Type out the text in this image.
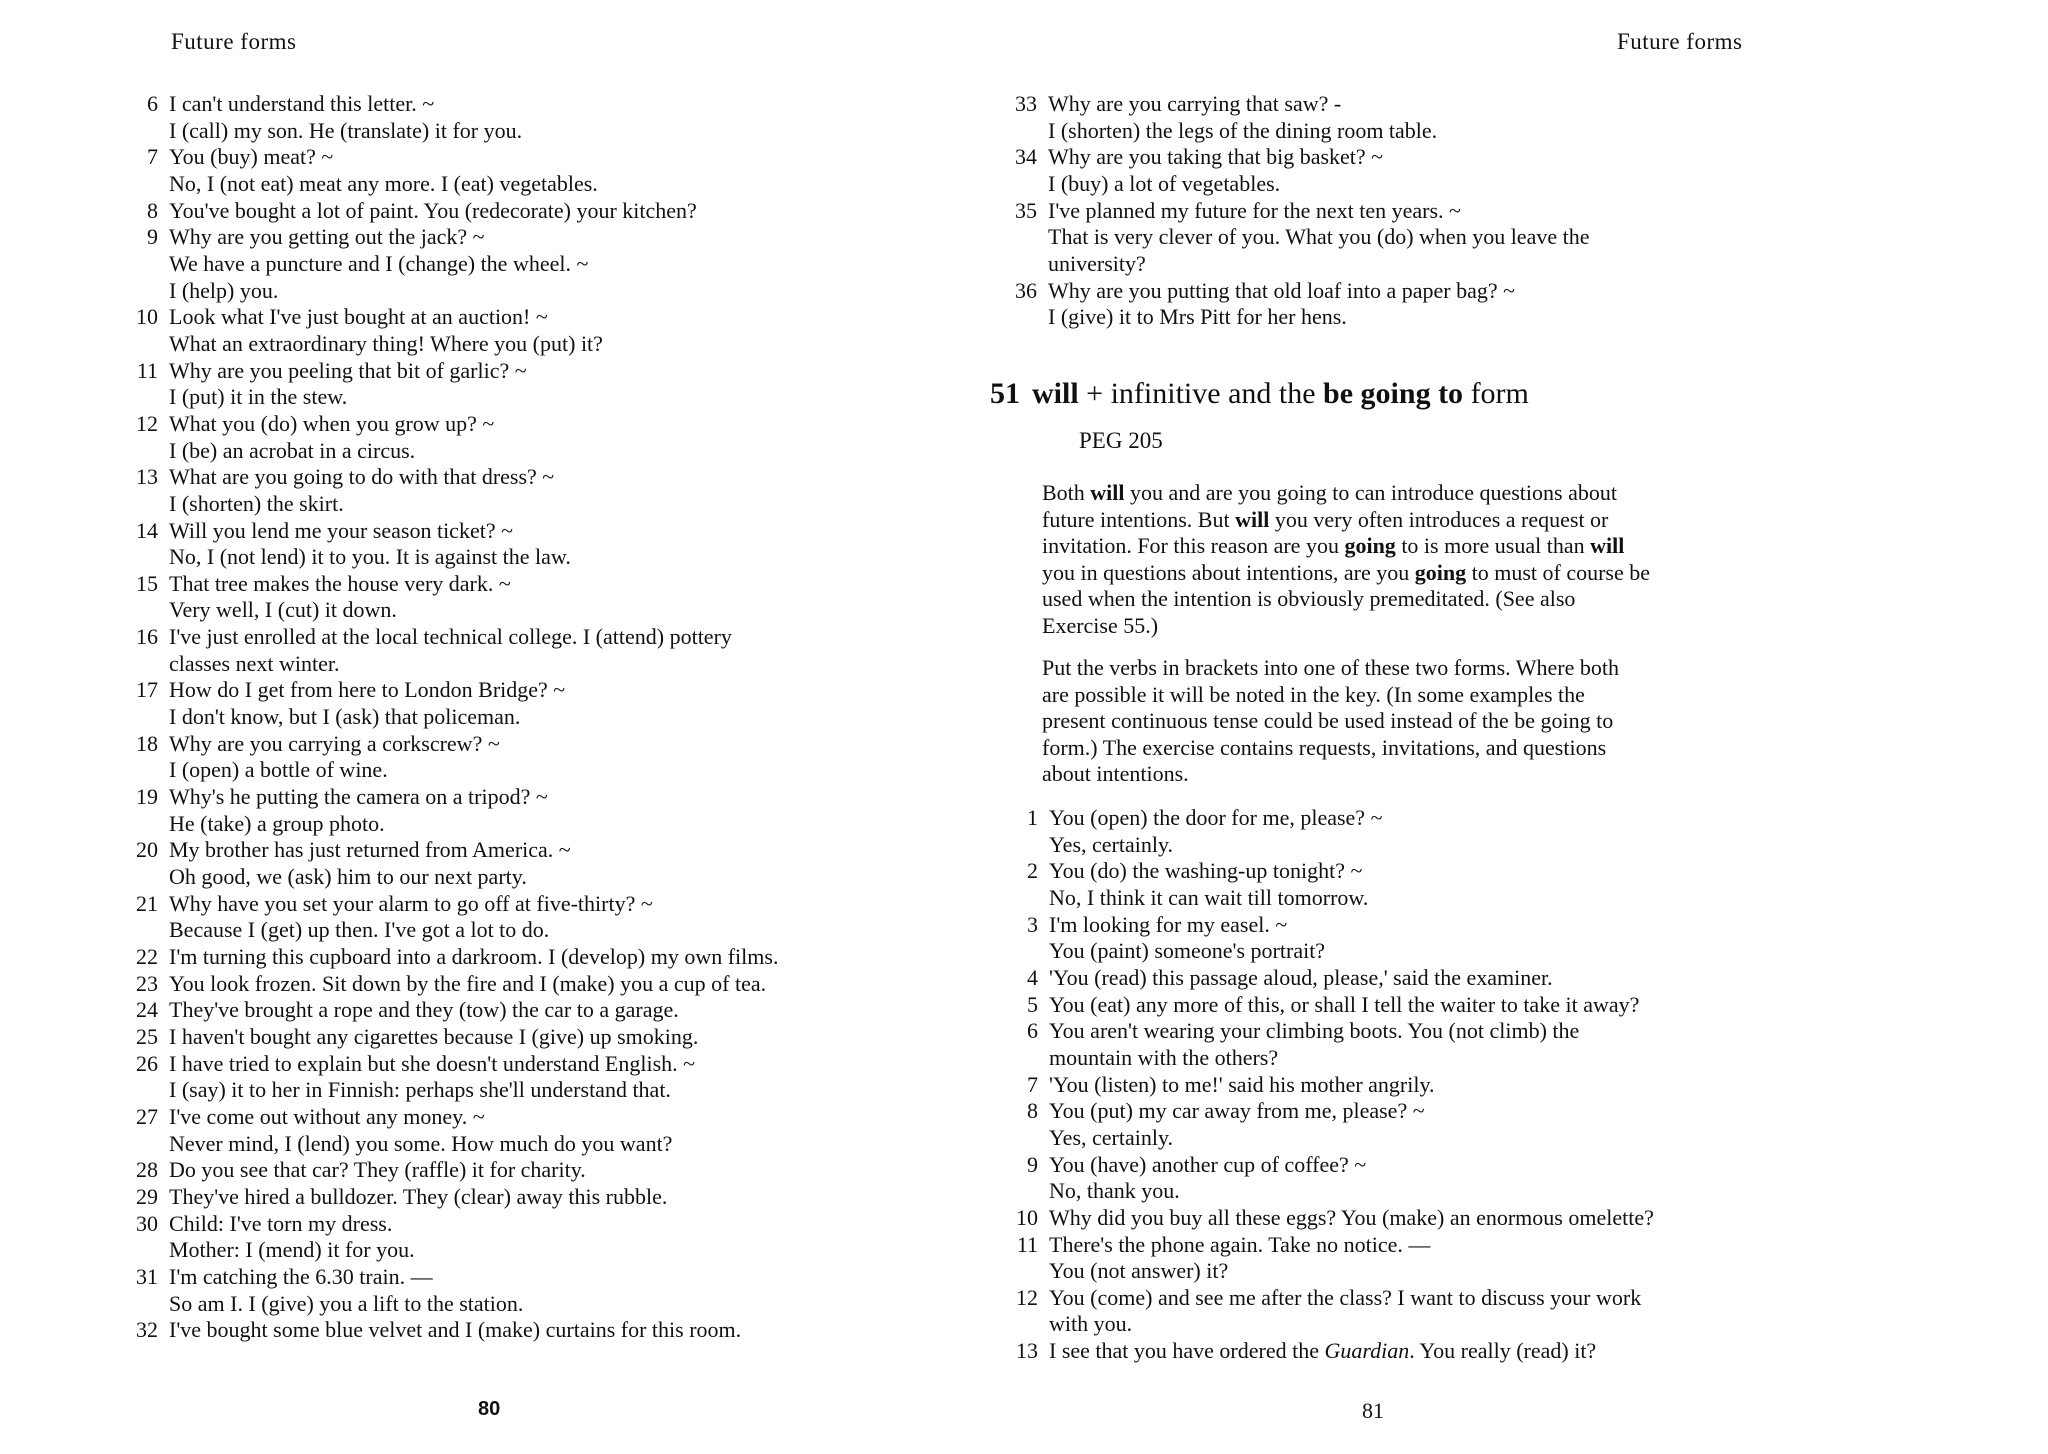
Future forms
6 I can't understand this letter. ~
I (call) my son. He (translate) it for you.
7 You (buy) meat? ~
No, I (not eat) meat any more. I (eat) vegetables.
8 You've bought a lot of paint. You (redecorate) your kitchen?
9 Why are you getting out the jack? ~
We have a puncture and I (change) the wheel. ~
I (help) you.
10 Look what I've just bought at an auction! ~
What an extraordinary thing! Where you (put) it?
11 Why are you peeling that bit of garlic? ~
I (put) it in the stew.
12 What you (do) when you grow up? ~
I (be) an acrobat in a circus.
13 What are you going to do with that dress? ~
I (shorten) the skirt.
14 Will you lend me your season ticket? ~
No, I (not lend) it to you. It is against the law.
15 That tree makes the house very dark. ~
Very well, I (cut) it down.
16 I've just enrolled at the local technical college. I (attend) pottery
classes next winter.
17 How do I get from here to London Bridge? ~
I don't know, but I (ask) that policeman.
18 Why are you carrying a corkscrew? ~
I (open) a bottle of wine.
19 Why's he putting the camera on a tripod? ~
He (take) a group photo.
20 My brother has just returned from America. ~
Oh good, we (ask) him to our next party.
21 Why have you set your alarm to go off at five-thirty? ~
Because I (get) up then. I've got a lot to do.
22 I'm turning this cupboard into a darkroom. I (develop) my own films.
23 You look frozen. Sit down by the fire and I (make) you a cup of tea.
24 They've brought a rope and they (tow) the car to a garage.
25 I haven't bought any cigarettes because I (give) up smoking.
26 I have tried to explain but she doesn't understand English. ~
I (say) it to her in Finnish: perhaps she'll understand that.
27 I've come out without any money. ~
Never mind, I (lend) you some. How much do you want?
28 Do you see that car? They (raffle) it for charity.
29 They've hired a bulldozer. They (clear) away this rubble.
30 Child: I've torn my dress.
Mother: I (mend) it for you.
31 I'm catching the 6.30 train. —
So am I. I (give) you a lift to the station.
32 I've bought some blue velvet and I (make) curtains for this room.
80
Future forms
33 Why are you carrying that saw? -
I (shorten) the legs of the dining room table.
34 Why are you taking that big basket? ~
I (buy) a lot of vegetables.
35 I've planned my future for the next ten years. ~
That is very clever of you. What you (do) when you leave the
university?
36 Why are you putting that old loaf into a paper bag? ~
I (give) it to Mrs Pitt for her hens.
51 will + infinitive and the be going to form
PEG 205

Both will you and are you going to can introduce questions about
future intentions. But will you very often introduces a request or
invitation. For this reason are you going to is more usual than will
you in questions about intentions, are you going to must of course be
used when the intention is obviously premeditated. (See also
Exercise 55.)

Put the verbs in brackets into one of these two forms. Where both
are possible it will be noted in the key. (In some examples the
present continuous tense could be used instead of the be going to
form.) The exercise contains requests, invitations, and questions
about intentions.

1 You (open) the door for me, please? ~
Yes, certainly.
2 You (do) the washing-up tonight? ~
No, I think it can wait till tomorrow.
3 I'm looking for my easel. ~
You (paint) someone's portrait?
4 'You (read) this passage aloud, please,' said the examiner.
5 You (eat) any more of this, or shall I tell the waiter to take it away?
6 You aren't wearing your climbing boots. You (not climb) the
mountain with the others?
7 'You (listen) to me!' said his mother angrily.
8 You (put) my car away from me, please? ~
Yes, certainly.
9 You (have) another cup of coffee? ~
No, thank you.
10 Why did you buy all these eggs? You (make) an enormous omelette?
11 There's the phone again. Take no notice. —
You (not answer) it?
12 You (come) and see me after the class? I want to discuss your work
with you.
13 I see that you have ordered the Guardian. You really (read) it?
81
